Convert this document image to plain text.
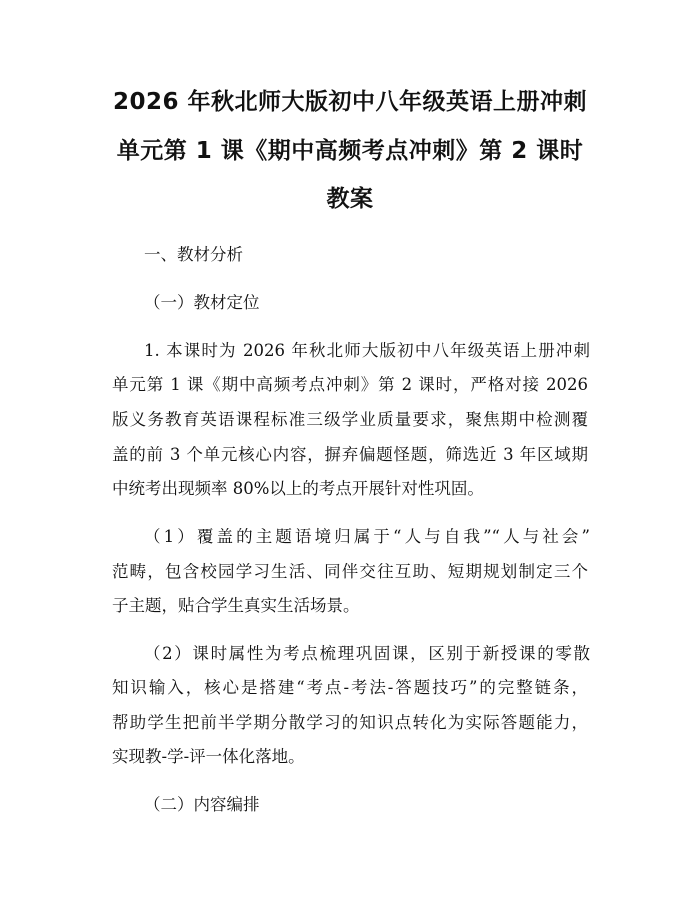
2026 年秋北师大版初中八年级英语上册冲刺
单元第 1 课《期中高频考点冲刺》第 2 课时
教案
一、教材分析
（一）教材定位
1. 本课时为 2026 年秋北师大版初中八年级英语上册冲刺
单元第 1 课《期中高频考点冲刺》第 2 课时，严格对接 2026
版义务教育英语课程标准三级学业质量要求，聚焦期中检测覆
盖的前 3 个单元核心内容，摒弃偏题怪题，筛选近 3 年区域期
中统考出现频率 80%以上的考点开展针对性巩固。
（1）覆盖的主题语境归属于“人与自我”“人与社会”
范畴，包含校园学习生活、同伴交往互助、短期规划制定三个
子主题，贴合学生真实生活场景。
（2）课时属性为考点梳理巩固课，区别于新授课的零散
知识输入，核心是搭建“考点-考法-答题技巧”的完整链条，
帮助学生把前半学期分散学习的知识点转化为实际答题能力，
实现教-学-评一体化落地。
（二）内容编排
